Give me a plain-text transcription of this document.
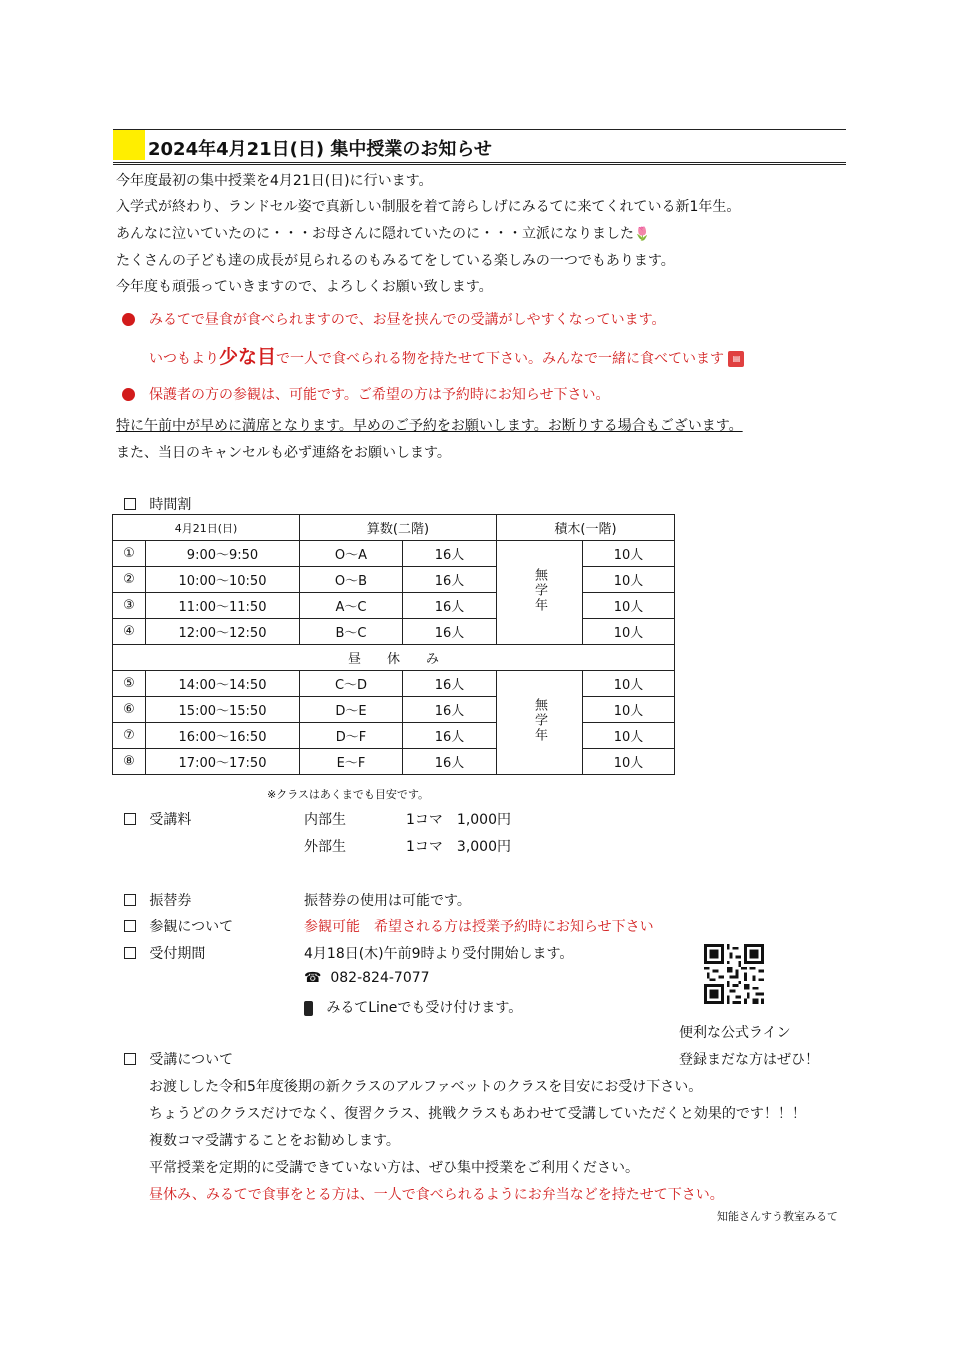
2024年4月21日(日) 集中授業のお知らせ
今年度最初の集中授業を4月21日(日)に行います。
入学式が終わり、ランドセル姿で真新しい制服を着て誇らしげにみるてに来てくれている新1年生。
あんなに泣いていたのに・・・お母さんに隠れていたのに・・・立派になりました🌷
たくさんの子ども達の成長が見られるのもみるてをしている楽しみの一つでもあります。
今年度も頑張っていきますので、よろしくお願い致します。
みるてで昼食が食べられますので、お昼を挟んでの受講がしやすくなっています。
いつもより少な目で一人で食べられる物を持たせて下さい。みんなで一緒に食べています ▤
保護者の方の参観は、可能です。ご希望の方は予約時にお知らせ下さい。
特に午前中が早めに満席となります。早めのご予約をお願いします。お断りする場合もございます。
また、当日のキャンセルも必ず連絡をお願いします。
時間割
4月21日(日)		算数(二階)		積木(一階)	
①	9:00〜9:50	O〜A	16人	無学年	10人
②	10:00〜10:50	O〜B	16人		10人
③	11:00〜11:50	A〜C	16人		10人
④	12:00〜12:50	B〜C	16人		10人
昼　　休　　み					
⑤	14:00〜14:50	C〜D	16人	無学年	10人
⑥	15:00〜15:50	D〜E	16人		10人
⑦	16:00〜16:50	D〜F	16人		10人
⑧	17:00〜17:50	E〜F	16人		10人
※クラスはあくまでも目安です。
受講料	内部生	1コマ　1,000円
外部生	1コマ　3,000円
振替券	振替券の使用は可能です。
参観について	参観可能　希望される方は授業予約時にお知らせ下さい
受付期間	4月18日(木)午前9時より受付開始します。
☎ 082-824-7077
みるてLineでも受け付けます。
便利な公式ライン
登録まだな方はぜひ！
受講について
お渡しした令和5年度後期の新クラスのアルファベットのクラスを目安にお受け下さい。
ちょうどのクラスだけでなく、復習クラス、挑戦クラスもあわせて受講していただくと効果的です！！！
複数コマ受講することをお勧めします。
平常授業を定期的に受講できていない方は、ぜひ集中授業をご利用ください。
昼休み、みるてで食事をとる方は、一人で食べられるようにお弁当などを持たせて下さい。
知能さんすう教室みるて
